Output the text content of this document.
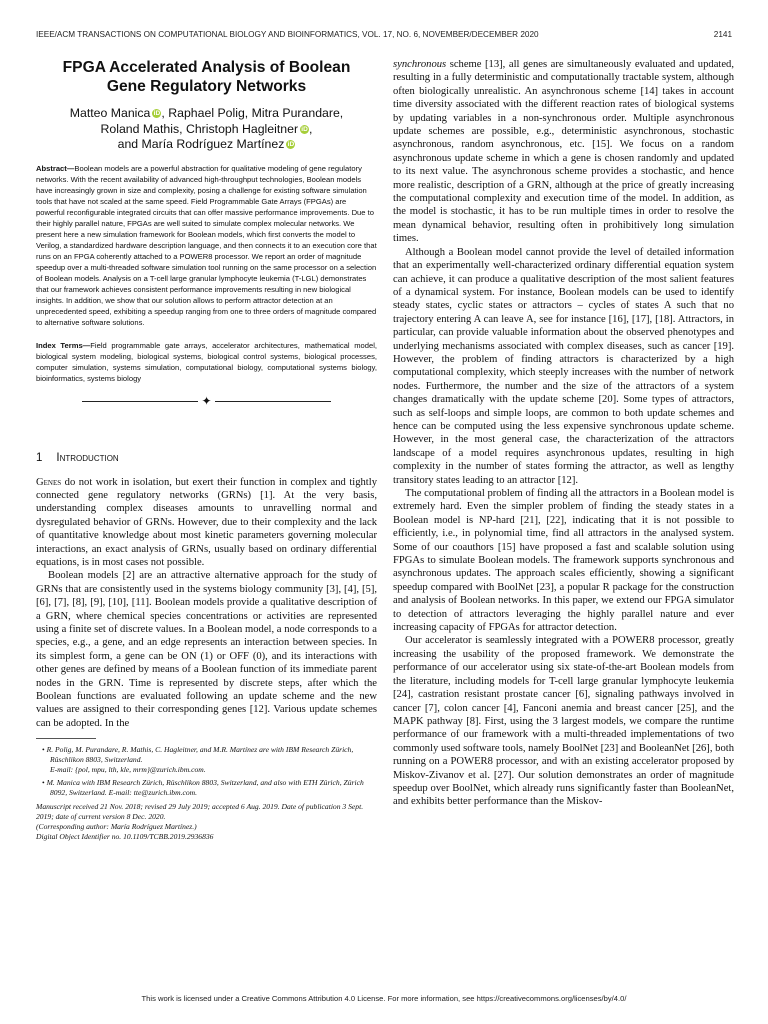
IEEE/ACM TRANSACTIONS ON COMPUTATIONAL BIOLOGY AND BIOINFORMATICS, VOL. 17, NO. 6, NOVEMBER/DECEMBER 2020	2141
FPGA Accelerated Analysis of Boolean Gene Regulatory Networks
Matteo Manica iD, Raphael Polig, Mitra Purandare,
Roland Mathis, Christoph Hagleitner iD,
and María Rodríguez Martínez iD

Abstract—Boolean models are a powerful abstraction for qualitative modeling of gene regulatory networks. With the recent availability of advanced high-throughput technologies, Boolean models have increasingly grown in size and complexity, posing a challenge for existing software simulation tools that have not scaled at the same speed. Field Programmable Gate Arrays (FPGAs) are powerful reconfigurable integrated circuits that can offer massive performance improvements. Due to their highly parallel nature, FPGAs are well suited to simulate complex molecular networks. We present here a new simulation framework for Boolean models, which first converts the model to Verilog, a standardized hardware description language, and then connects it to an execution core that runs on an FPGA coherently attached to a POWER8 processor. We report an order of magnitude speedup over a multi-threaded software simulation tool running on the same processor on a selection of Boolean models. Analysis on a T-cell large granular lymphocyte leukemia (T-LGL) demonstrates that our framework achieves consistent performance improvements resulting in new biological insights. In addition, we show that our solution allows to perform attractor detection at an unprecedented speed, exhibiting a speedup ranging from one to three orders of magnitude compared to alternative software solutions.

Index Terms—Field programmable gate arrays, accelerator architectures, mathematical model, biological system modeling, biological systems, biological control systems, biological processes, computer simulation, systems simulation, computational biology, computational systems biology, bioinformatics, systems biology

✦
1 Introduction

Genes do not work in isolation, but exert their function in complex and tightly connected gene regulatory networks (GRNs) [1]. At the very basis, understanding complex diseases amounts to unravelling normal and dysregulated behavior of GRNs. However, due to their complexity and the lack of quantitative knowledge about most kinetic parameters governing molecular interactions, an exact analysis of GRNs, usually based on ordinary differential equations, is in most cases not possible.

Boolean models [2] are an attractive alternative approach for the study of GRNs that are consistently used in the systems biology community [3], [4], [5], [6], [7], [8], [9], [10], [11]. Boolean models provide a qualitative description of a GRN, where chemical species concentrations or activities are represented using a finite set of discrete values. In a Boolean model, a node corresponds to a species, e.g., a gene, and an edge represents an interaction between species. In its simplest form, a gene can be ON (1) or OFF (0), and its interactions with other genes are defined by means of a Boolean function of its immediate parent nodes in the GRN. Time is represented by discrete steps, after which the Boolean functions are evaluated following an update scheme and the new values are assigned to their corresponding genes [12]. Various update schemes can be adopted. In the

• R. Polig, M. Purandare, R. Mathis, C. Hagleitner, and M.R. Martínez are with IBM Research Zürich, Rüschlikon 8803, Switzerland.
E-mail: {pol, mpu, lth, kle, mrm}@zurich.ibm.com.

• M. Manica with IBM Research Zürich, Rüschlikon 8803, Switzerland, and also with ETH Zürich, Zürich 8092, Switzerland. E-mail: tte@zurich.ibm.com.

Manuscript received 21 Nov. 2018; revised 29 July 2019; accepted 6 Aug. 2019. Date of publication 3 Sept. 2019; date of current version 8 Dec. 2020.
(Corresponding author: María Rodríguez Martínez.)
Digital Object Identifier no. 10.1109/TCBB.2019.2936836

synchronous scheme [13], all genes are simultaneously evaluated and updated, resulting in a fully deterministic and computationally tractable system, although often biologically unrealistic. An asynchronous scheme [14] takes in account time diversity associated with the different reaction rates of biological systems by updating variables in a non-synchronous order. Multiple asynchronous update schemes are possible, e.g., deterministic asynchronous, stochastic asynchronous, random asynchronous, etc. [15]. We focus on a random asynchronous update scheme in which a gene is chosen randomly and updated to its next value. The asynchronous scheme provides a stochastic, and hence more realistic, description of a GRN, although at the price of greatly increasing the computational complexity and execution time of the model. In addition, as the model is stochastic, it has to be run multiple times in order to resolve the mean dynamical behavior, resulting often in prohibitively long simulation times.

Although a Boolean model cannot provide the level of detailed information that an experimentally well-characterized ordinary differential equation system can achieve, it can produce a qualitative description of the most salient features of a dynamical system. For instance, Boolean models can be used to identify steady states, cyclic states or attractors – cycles of states A such that no trajectory entering A can leave A, see for instance [16], [17], [18]. Attractors, in particular, can provide valuable information about the observed phenotypes and underlying mechanisms associated with complex diseases, such as cancer [19]. However, the problem of finding attractors is characterized by a high computational complexity, which steeply increases with the number of network nodes. Furthermore, the number and the size of the attractors of a system changes dramatically with the update scheme [20]. Some types of attractors, such as self-loops and simple loops, are common to both update schemes and hence can be computed using the less expensive synchronous update scheme. However, in the most general case, the characterization of the attractors landscape of a model requires asynchronous updates, resulting in high complexity in the number of states forming the attractor, as well as lengthy transitory states leading to an attractor [12].

The computational problem of finding all the attractors in a Boolean model is extremely hard. Even the simpler problem of finding the steady states in a Boolean model is NP-hard [21], [22], indicating that it is not possible to efficiently, i.e., in polynomial time, find all attractors in the analysed system. Some of our coauthors [15] have proposed a fast and scalable solution using FPGAs to simulate Boolean models. The framework supports synchronous and asynchronous updates. The approach scales efficiently, showing a significant speedup compared with BoolNet [23], a popular R package for the construction and analysis of Boolean networks. In this paper, we extend our FPGA simulator to detection of attractors leveraging the highly parallel nature and ever increasing capacity of FPGAs for attractor detection.

Our accelerator is seamlessly integrated with a POWER8 processor, greatly increasing the usability of the proposed framework. We demonstrate the performance of our accelerator using six state-of-the-art Boolean models from the literature, including models for T-cell large granular lymphocyte leukemia [24], castration resistant prostate cancer [6], signaling pathways involved in cancer [7], colon cancer [4], Fanconi anemia and breast cancer [25], and the MAPK pathway [8]. First, using the 3 largest models, we compare the runtime performance of our framework with a multi-threaded implementations of two commonly used software tools, namely BoolNet [23] and BooleanNet [26], both running on a POWER8 processor, and with an existing accelerator proposed by Miskov-Zivanov et al. [27]. Our solution demonstrates an order of magnitude speedup over BoolNet, which already runs significantly faster than BooleanNet, and exhibits better performance than the Miskov-

This work is licensed under a Creative Commons Attribution 4.0 License. For more information, see https://creativecommons.org/licenses/by/4.0/
